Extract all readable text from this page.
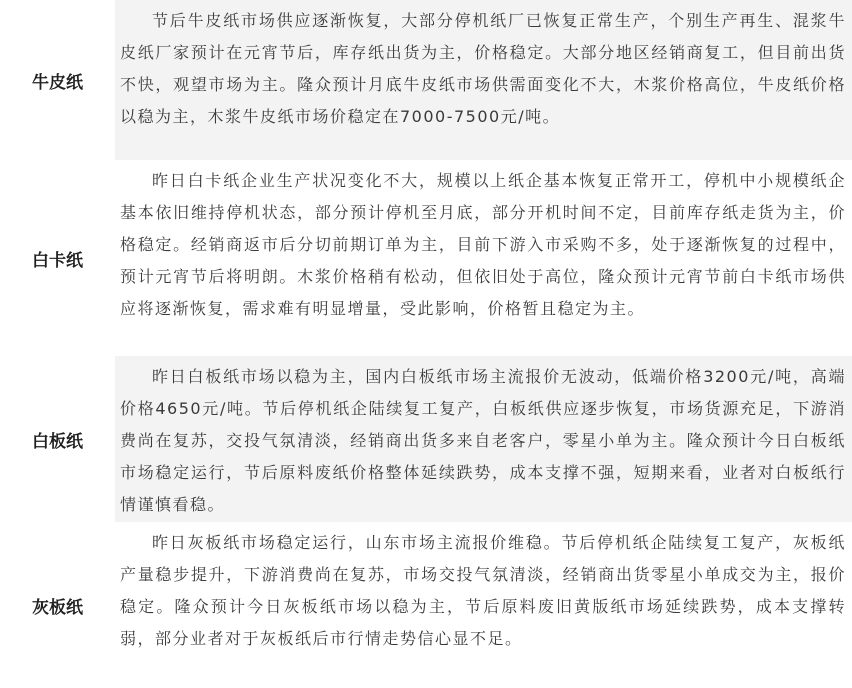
牛皮纸
节后牛皮纸市场供应逐渐恢复，大部分停机纸厂已恢复正常生产，个别生产再生、混浆牛皮纸厂家预计在元宵节后，库存纸出货为主，价格稳定。大部分地区经销商复工，但目前出货不快，观望市场为主。隆众预计月底牛皮纸市场供需面变化不大，木浆价格高位，牛皮纸价格以稳为主，木浆牛皮纸市场价稳定在7000-7500元/吨。
白卡纸
昨日白卡纸企业生产状况变化不大，规模以上纸企基本恢复正常开工，停机中小规模纸企基本依旧维持停机状态，部分预计停机至月底，部分开机时间不定，目前库存纸走货为主，价格稳定。经销商返市后分切前期订单为主，目前下游入市采购不多，处于逐渐恢复的过程中，预计元宵节后将明朗。木浆价格稍有松动，但依旧处于高位，隆众预计元宵节前白卡纸市场供应将逐渐恢复，需求难有明显增量，受此影响，价格暂且稳定为主。
白板纸
昨日白板纸市场以稳为主，国内白板纸市场主流报价无波动，低端价格3200元/吨，高端价格4650元/吨。节后停机纸企陆续复工复产，白板纸供应逐步恢复，市场货源充足，下游消费尚在复苏，交投气氛清淡，经销商出货多来自老客户，零星小单为主。隆众预计今日白板纸市场稳定运行，节后原料废纸价格整体延续跌势，成本支撑不强，短期来看，业者对白板纸行情谨慎看稳。
灰板纸
昨日灰板纸市场稳定运行，山东市场主流报价维稳。节后停机纸企陆续复工复产，灰板纸产量稳步提升，下游消费尚在复苏，市场交投气氛清淡，经销商出货零星小单成交为主，报价稳定。隆众预计今日灰板纸市场以稳为主，节后原料废旧黄版纸市场延续跌势，成本支撑转弱，部分业者对于灰板纸后市行情走势信心显不足。
